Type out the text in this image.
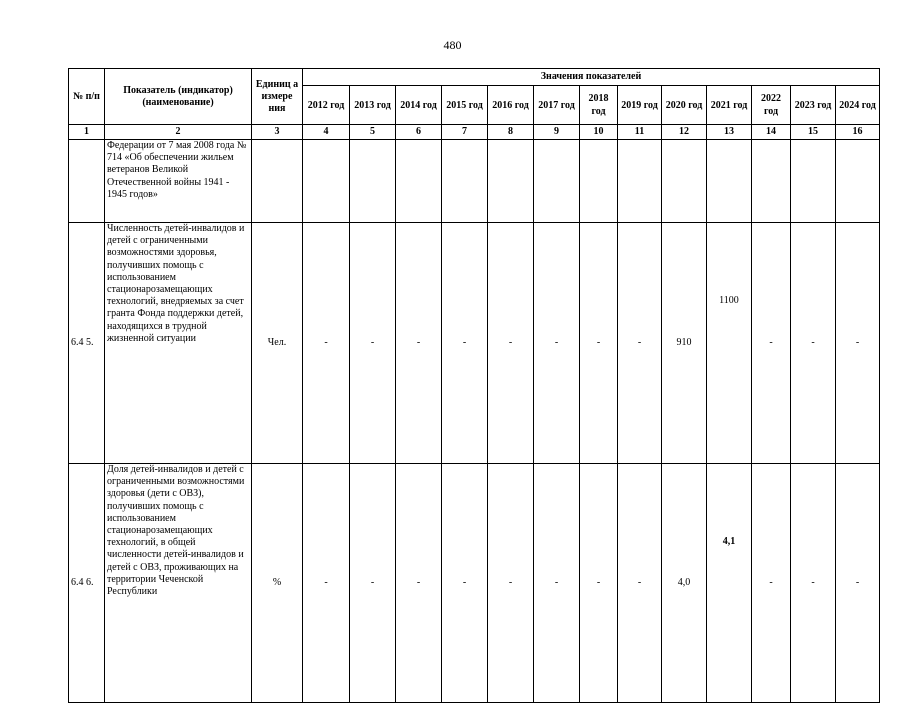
480
№ п/п	Показатель (индикатор) (наименование)	Единиц а измере ния	Значения показателей												
			2012 год	2013 год	2014 год	2015 год	2016 год	2017 год	2018 год	2019 год	2020 год	2021 год	2022 год	2023 год	2024 год
1	2	3	4	5	6	7	8	9	10	11	12	13	14	15	16
	Федерации от 7 мая 2008 года № 714 «Об обеспечении жильем ветеранов Великой Отечественной войны 1941 - 1945 годов»														
6.4 5.	Численность детей-инвалидов и детей с ограниченными возможностями здоровья, получивших помощь с использованием стационарозамещающих технологий, внедряемых за счет гранта Фонда поддержки детей, находящихся в трудной жизненной ситуации	Чел.	-	-	-	-	-	-	-	-	910	1100	-	-	-
6.4 6.	Доля детей-инвалидов и детей с ограниченными возможностями здоровья (дети с ОВЗ), получивших помощь с использованием стационарозамещающих технологий, в общей численности детей-инвалидов и детей с ОВЗ, проживающих на территории Чеченской Республики	%	-	-	-	-	-	-	-	-	4,0	4,1	-	-	-
